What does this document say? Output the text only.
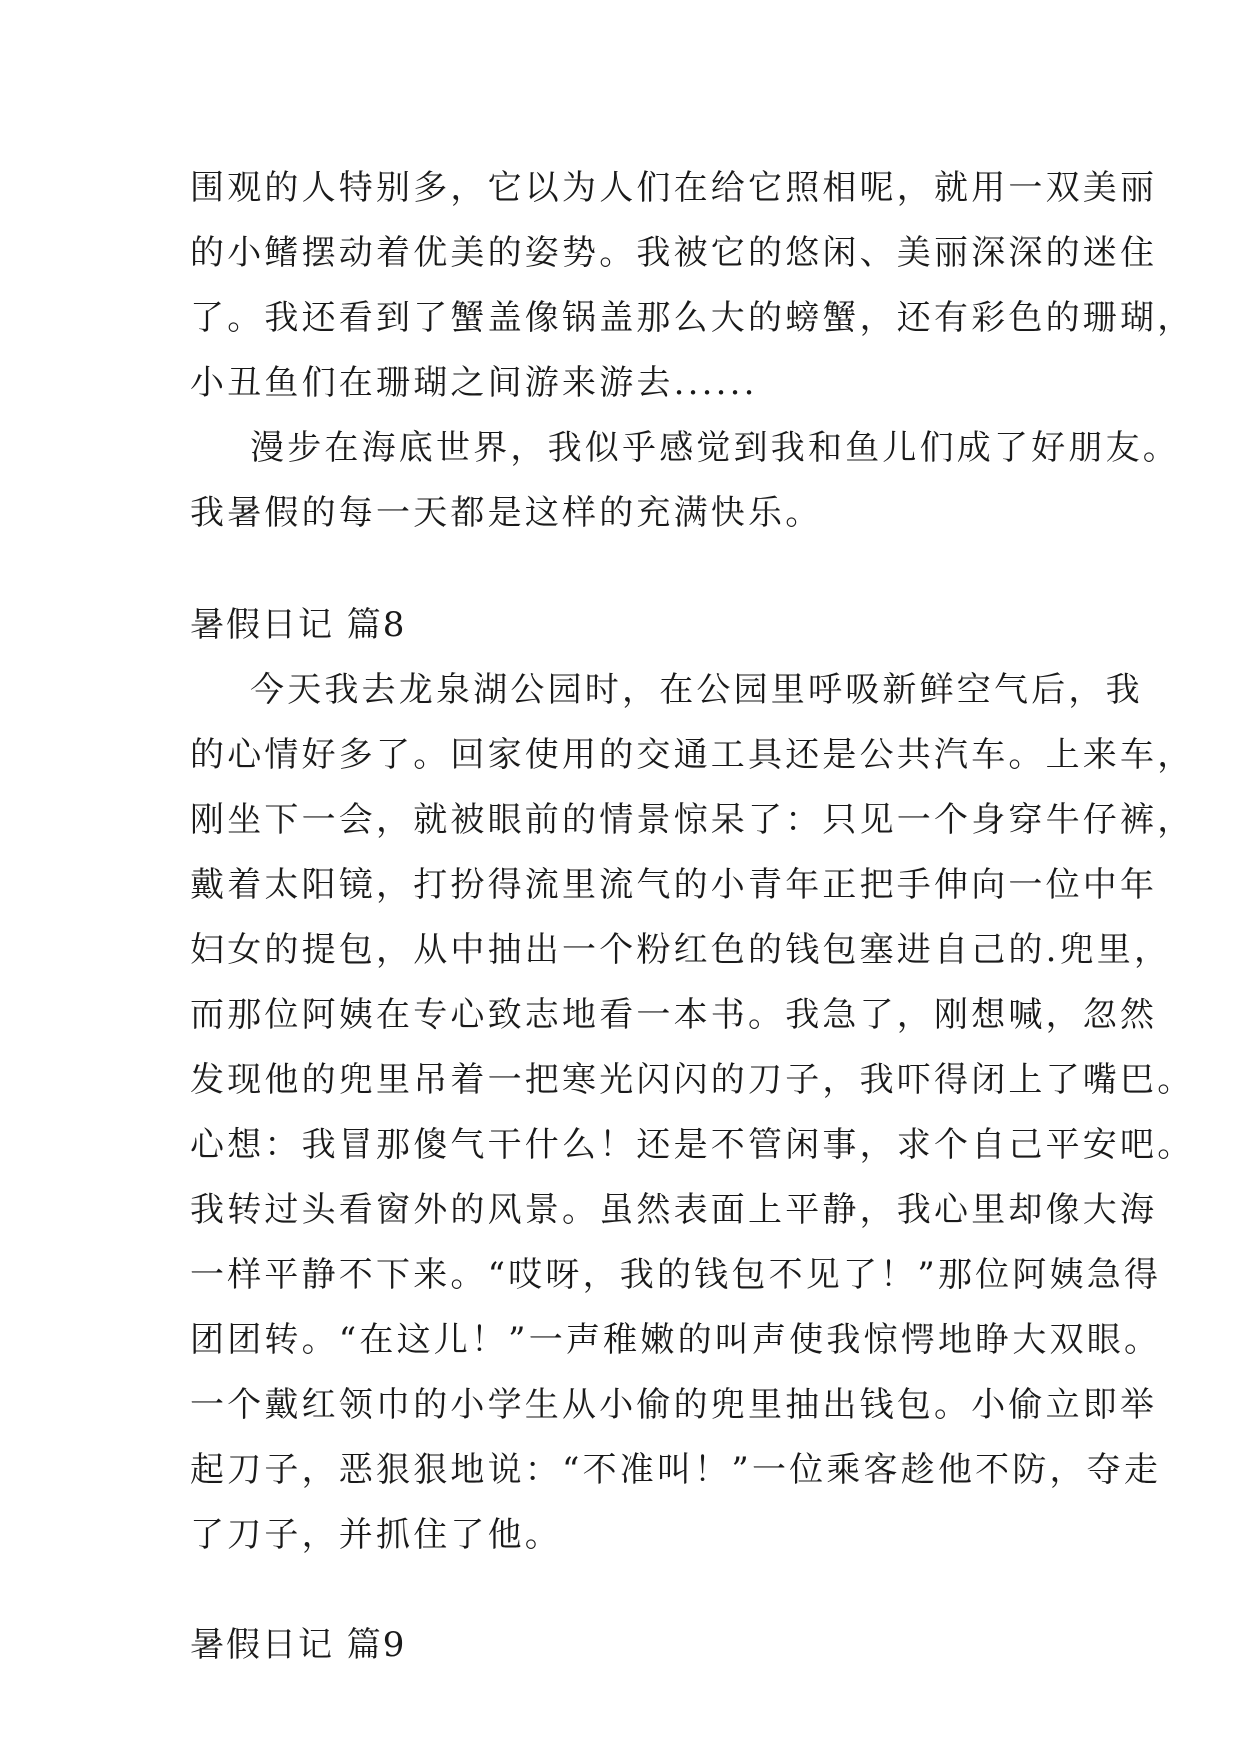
围观的人特别多，它以为人们在给它照相呢，就用一双美丽
的小鳍摆动着优美的姿势。我被它的悠闲、美丽深深的迷住
了。我还看到了蟹盖像锅盖那么大的螃蟹，还有彩色的珊瑚，
小丑鱼们在珊瑚之间游来游去......
漫步在海底世界，我似乎感觉到我和鱼儿们成了好朋友。
我暑假的每一天都是这样的充满快乐。
暑假日记 篇8
今天我去龙泉湖公园时，在公园里呼吸新鲜空气后，我
的心情好多了。回家使用的交通工具还是公共汽车。上来车，
刚坐下一会，就被眼前的情景惊呆了：只见一个身穿牛仔裤，
戴着太阳镜，打扮得流里流气的小青年正把手伸向一位中年
妇女的提包，从中抽出一个粉红色的钱包塞进自己的.兜里，
而那位阿姨在专心致志地看一本书。我急了，刚想喊，忽然
发现他的兜里吊着一把寒光闪闪的刀子，我吓得闭上了嘴巴。
心想：我冒那傻气干什么！还是不管闲事，求个自己平安吧。
我转过头看窗外的风景。虽然表面上平静，我心里却像大海
一样平静不下来。“哎呀，我的钱包不见了！”那位阿姨急得
团团转。“在这儿！”一声稚嫩的叫声使我惊愕地睁大双眼。
一个戴红领巾的小学生从小偷的兜里抽出钱包。小偷立即举
起刀子，恶狠狠地说：“不准叫！”一位乘客趁他不防，夺走
了刀子，并抓住了他。
暑假日记 篇9
